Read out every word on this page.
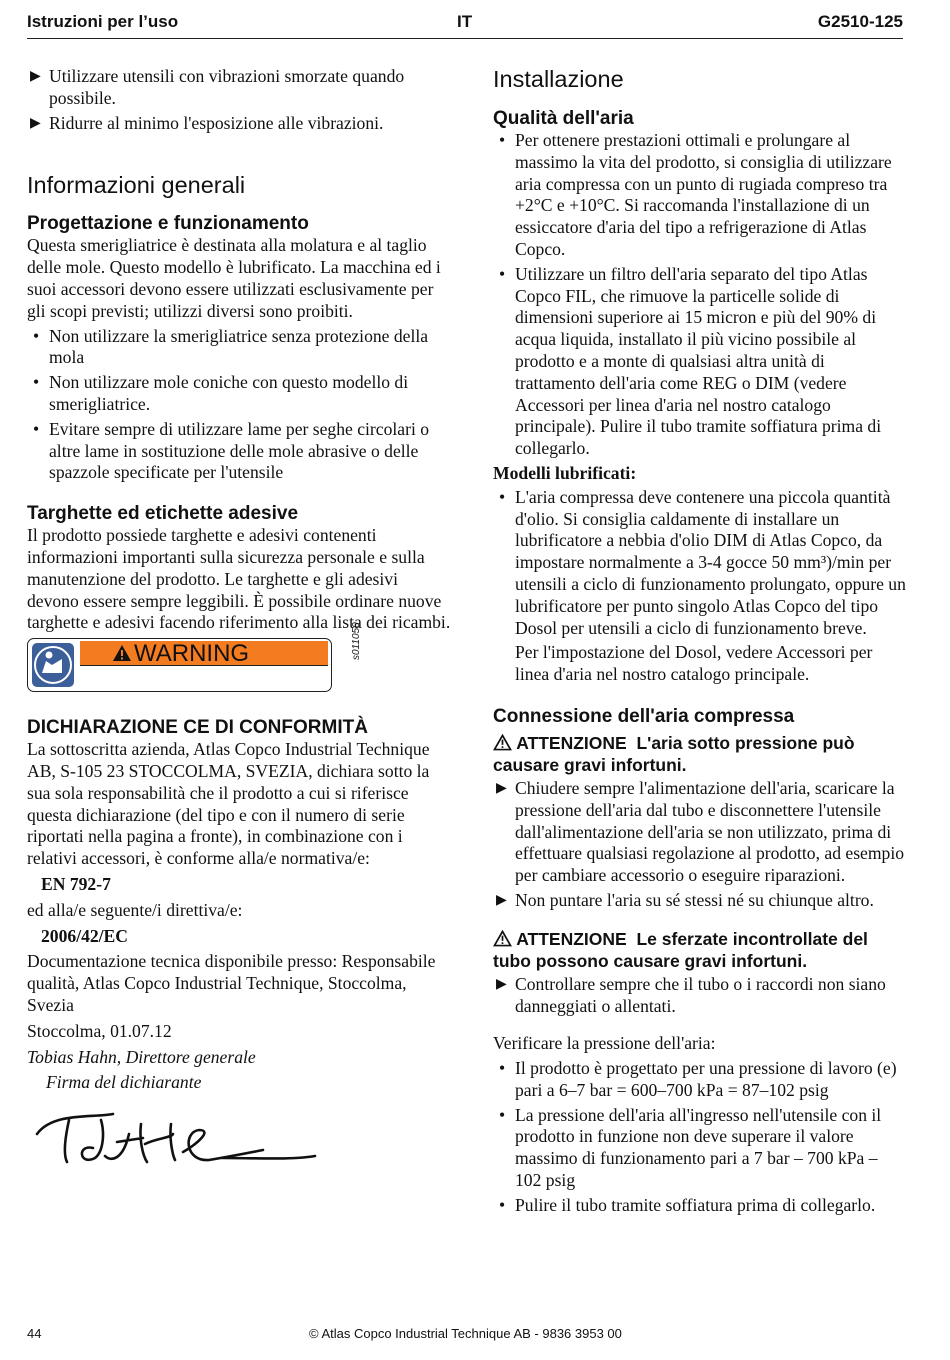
Istruzioni per l’uso	IT	G2510-125
▶ Utilizzare utensili con vibrazioni smorzate quando possibile.
▶ Ridurre al minimo l'esposizione alle vibrazioni.
Informazioni generali
Progettazione e funzionamento

Questa smerigliatrice è destinata alla molatura e al taglio delle mole. Questo modello è lubrificato. La macchina ed i suoi accessori devono essere utilizzati esclusivamente per gli scopi previsti; utilizzi diversi sono proibiti.

• Non utilizzare la smerigliatrice senza protezione della mola
• Non utilizzare mole coniche con questo modello di smerigliatrice.
• Evitare sempre di utilizzare lame per seghe circolari o altre lame in sostituzione delle mole abrasive o delle spazzole specificate per l'utensile
Targhette ed etichette adesive

Il prodotto possiede targhette e adesivi contenenti informazioni importanti sulla sicurezza personale e sulla manutenzione del prodotto. Le targhette e gli adesivi devono essere sempre leggibili. È possibile ordinare nuove targhette e adesivi facendo riferimento alla lista dei ricambi.

WARNING	s011050
DICHIARAZIONE CE DI CONFORMITÀ

La sottoscritta azienda, Atlas Copco Industrial Technique AB, S-105 23 STOCCOLMA, SVEZIA, dichiara sotto la sua sola responsabilità che il prodotto a cui si riferisce questa dichiarazione (del tipo e con il numero di serie riportati nella pagina a fronte), in combinazione con i relativi accessori, è conforme alla/e normativa/e:

EN 792-7

ed alla/e seguente/i direttiva/e:

2006/42/EC

Documentazione tecnica disponibile presso: Responsabile qualità, Atlas Copco Industrial Technique, Stoccolma, Svezia

Stoccolma, 01.07.12

Tobias Hahn, Direttore generale

Firma del dichiarante

Installazione
Qualità dell'aria
• Per ottenere prestazioni ottimali e prolungare al massimo la vita del prodotto, si consiglia di utilizzare aria compressa con un punto di rugiada compreso tra +2°C e +10°C. Si raccomanda l'installazione di un essiccatore d'aria del tipo a refrigerazione di Atlas Copco.
• Utilizzare un filtro dell'aria separato del tipo Atlas Copco FIL, che rimuove la particelle solide di dimensioni superiore ai 15 micron e più del 90% di acqua liquida, installato il più vicino possibile al prodotto e a monte di qualsiasi altra unità di trattamento dell'aria come REG o DIM (vedere Accessori per linea d'aria nel nostro catalogo principale). Pulire il tubo tramite soffiatura prima di collegarlo.

Modelli lubrificati:

• L'aria compressa deve contenere una piccola quantità d'olio. Si consiglia caldamente di installare un lubrificatore a nebbia d'olio DIM di Atlas Copco, da impostare normalmente a 3-4 gocce 50 mm³)/min per utensili a ciclo di funzionamento prolungato, oppure un lubrificatore per punto singolo Atlas Copco del tipo Dosol per utensili a ciclo di funzionamento breve.

Per l'impostazione del Dosol, vedere Accessori per linea d'aria nel nostro catalogo principale.

Connessione dell'aria compressa

ATTENZIONE L'aria sotto pressione può causare gravi infortuni.

▶ Chiudere sempre l'alimentazione dell'aria, scaricare la pressione dell'aria dal tubo e disconnettere l'utensile dall'alimentazione dell'aria se non utilizzato, prima di effettuare qualsiasi regolazione al prodotto, ad esempio per cambiare accessorio o eseguire riparazioni.
▶ Non puntare l'aria su sé stessi né su chiunque altro.

ATTENZIONE Le sferzate incontrollate del tubo possono causare gravi infortuni.

▶ Controllare sempre che il tubo o i raccordi non siano danneggiati o allentati.

Verificare la pressione dell'aria:

• Il prodotto è progettato per una pressione di lavoro (e) pari a 6–7 bar = 600–700 kPa = 87–102 psig
• La pressione dell'aria all'ingresso nell'utensile con il prodotto in funzione non deve superare il valore massimo di funzionamento pari a 7 bar – 700 kPa – 102 psig
• Pulire il tubo tramite soffiatura prima di collegarlo.
44	© Atlas Copco Industrial Technique AB - 9836 3953 00
